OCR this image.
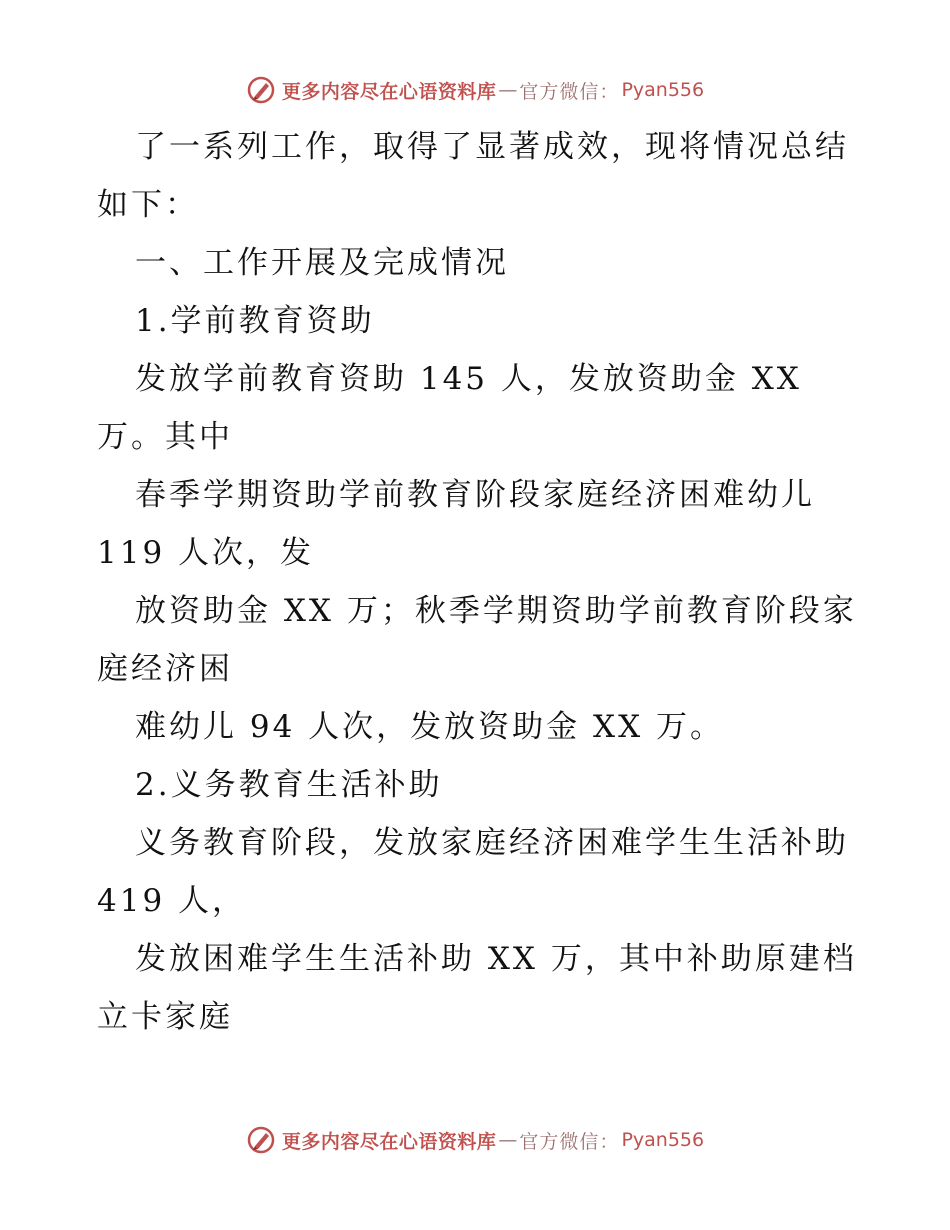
更多内容尽在心语资料库 — 官方微信： Pyan556
了一系列工作，取得了显著成效，现将情况总结
如下：
一、工作开展及完成情况
1.学前教育资助
发放学前教育资助 145 人，发放资助金 XX
万。其中
春季学期资助学前教育阶段家庭经济困难幼儿
119 人次，发
放资助金 XX 万；秋季学期资助学前教育阶段家
庭经济困
难幼儿 94 人次，发放资助金 XX 万。
2.义务教育生活补助
义务教育阶段，发放家庭经济困难学生生活补助
419 人，
发放困难学生生活补助 XX 万，其中补助原建档
立卡家庭
更多内容尽在心语资料库 — 官方微信： Pyan556
